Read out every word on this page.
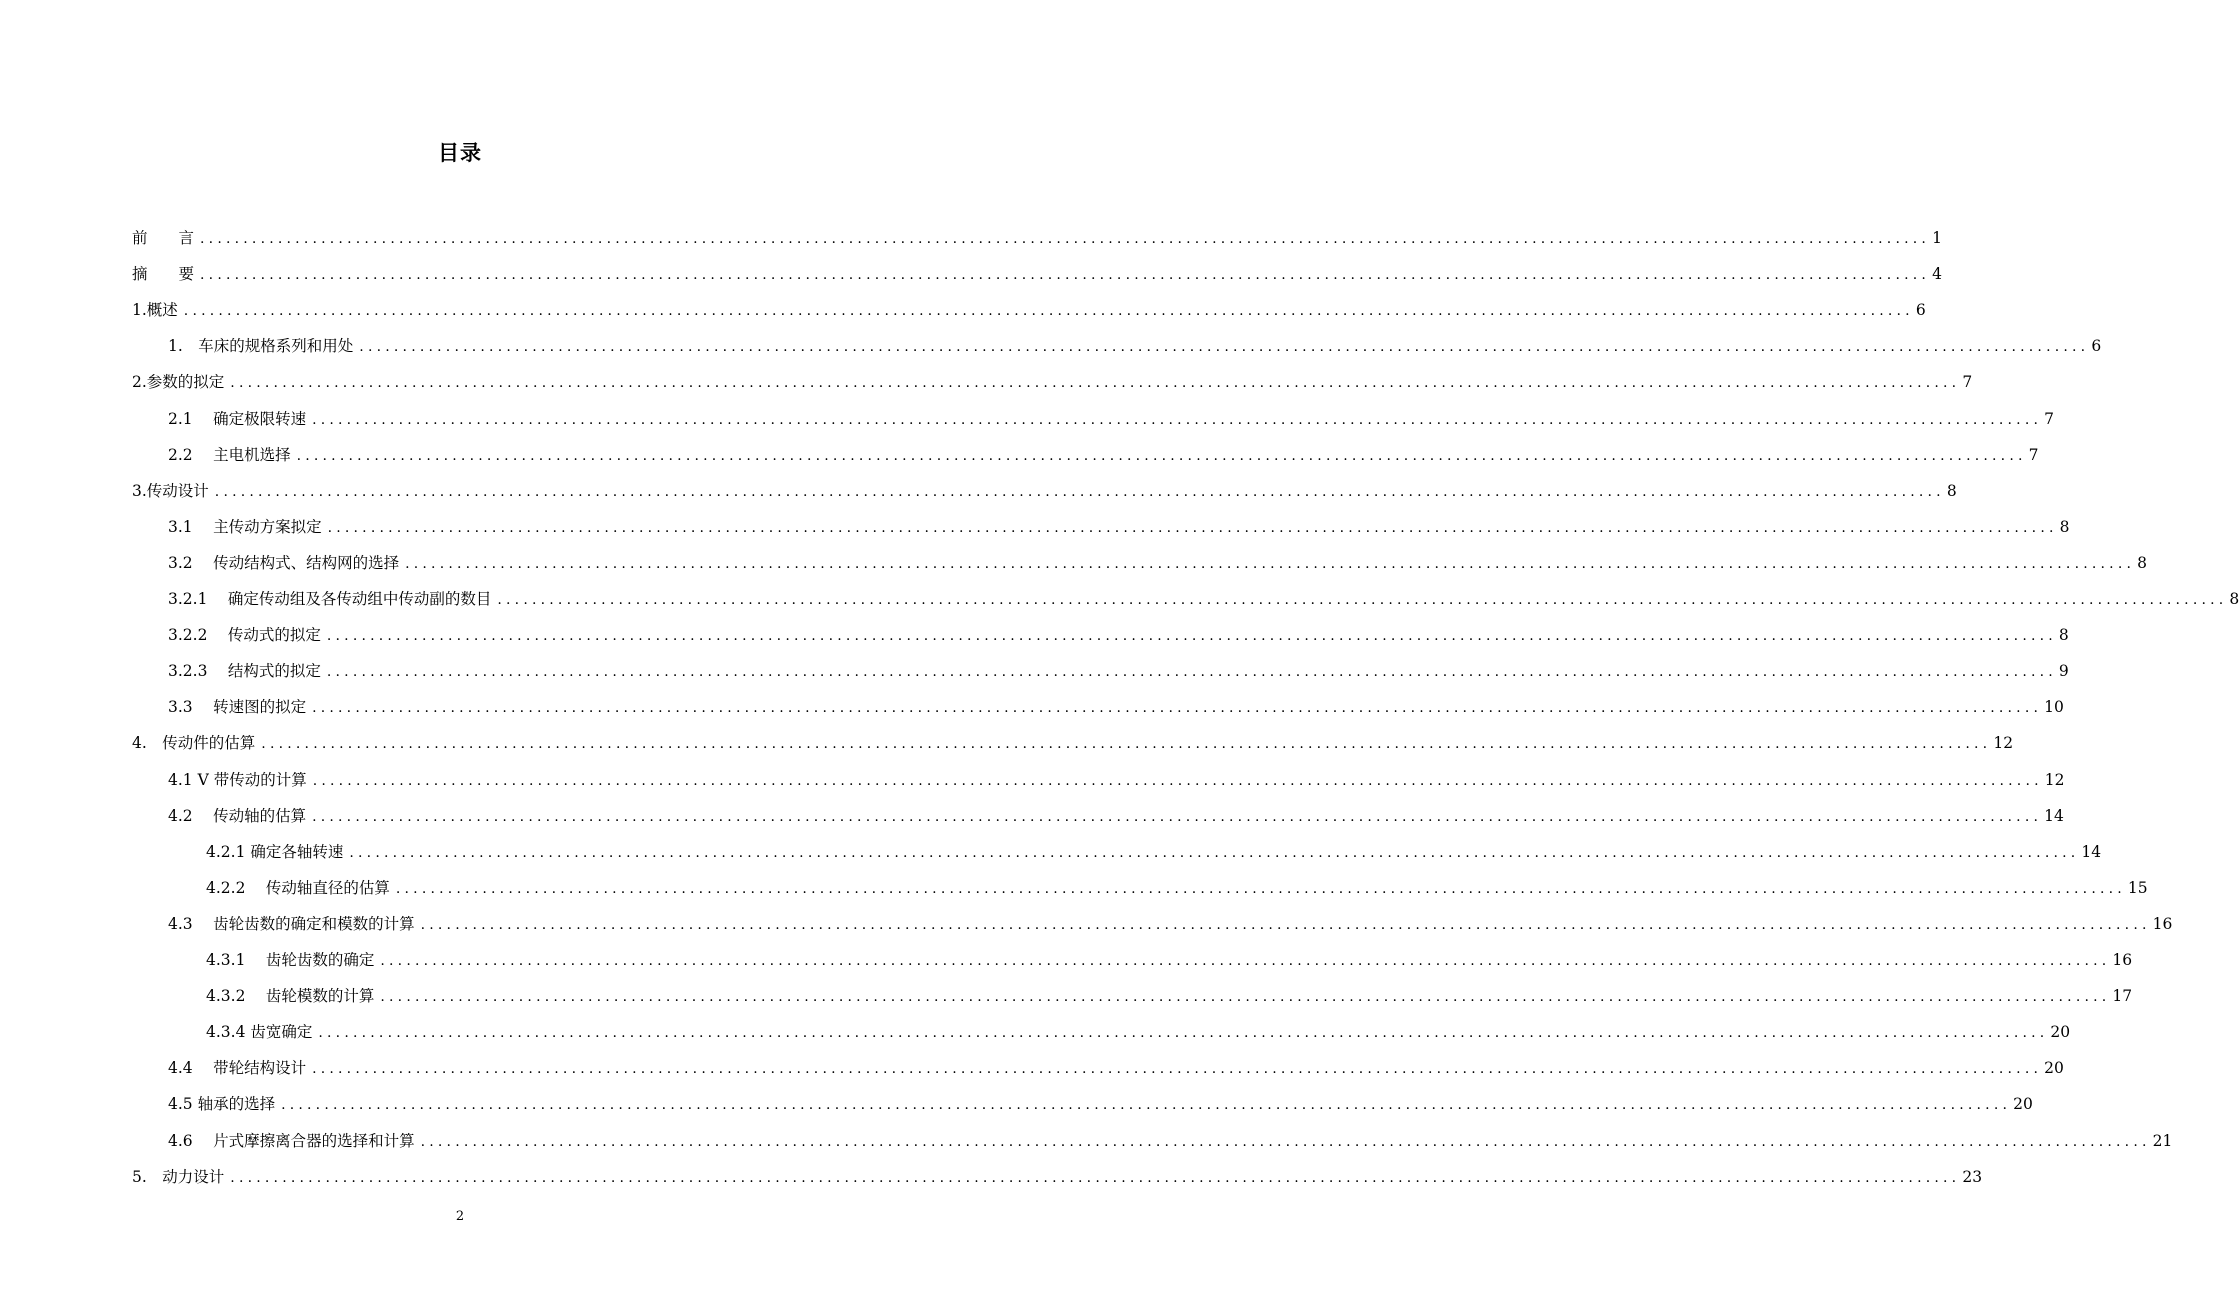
目录
前　　言 ........................................................................................................................................................................................................ 1
摘　　要 ........................................................................................................................................................................................................ 4
1.概述 ........................................................................................................................................................................................................ 6
1.　车床的规格系列和用处 ........................................................................................................................................................................................................ 6
2.参数的拟定 ........................................................................................................................................................................................................ 7
2.1　 确定极限转速 ........................................................................................................................................................................................................ 7
2.2　 主电机选择 ........................................................................................................................................................................................................ 7
3.传动设计 ........................................................................................................................................................................................................ 8
3.1　 主传动方案拟定 ........................................................................................................................................................................................................ 8
3.2　 传动结构式、结构网的选择 ........................................................................................................................................................................................................ 8
3.2.1　 确定传动组及各传动组中传动副的数目 ........................................................................................................................................................................................................ 8
3.2.2　 传动式的拟定 ........................................................................................................................................................................................................ 8
3.2.3　 结构式的拟定 ........................................................................................................................................................................................................ 9
3.3　 转速图的拟定 ........................................................................................................................................................................................................ 10
4.　传动件的估算 ........................................................................................................................................................................................................ 12
4.1 V 带传动的计算 ........................................................................................................................................................................................................ 12
4.2　 传动轴的估算 ........................................................................................................................................................................................................ 14
4.2.1 确定各轴转速 ........................................................................................................................................................................................................ 14
4.2.2　 传动轴直径的估算 ........................................................................................................................................................................................................ 15
4.3　 齿轮齿数的确定和模数的计算 ........................................................................................................................................................................................................ 16
4.3.1　 齿轮齿数的确定 ........................................................................................................................................................................................................ 16
4.3.2　 齿轮模数的计算 ........................................................................................................................................................................................................ 17
4.3.4 齿宽确定 ........................................................................................................................................................................................................ 20
4.4　 带轮结构设计 ........................................................................................................................................................................................................ 20
4.5 轴承的选择 ........................................................................................................................................................................................................ 20
4.6　 片式摩擦离合器的选择和计算 ........................................................................................................................................................................................................ 21
5.　动力设计 ........................................................................................................................................................................................................ 23
2
